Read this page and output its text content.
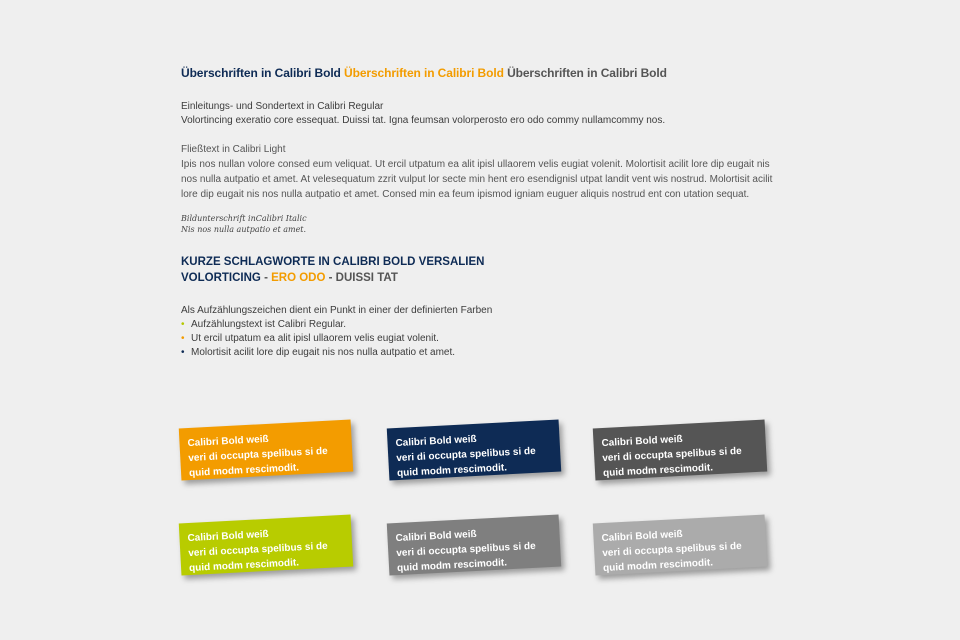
Überschriften in Calibri Bold Überschriften in Calibri Bold Überschriften in Calibri Bold

Einleitungs- und Sondertext in Calibri Regular
Volortincing exeratio core essequat. Duissi tat. Igna feumsan volorperosto ero odo commy nullamcommy nos.
Fließtext in Calibri Light
Ipis nos nullan volore consed eum veliquat. Ut ercil utpatum ea alit ipisl ullaorem velis eugiat volenit. Molortisit acilit lore dip eugait nis nos nulla autpatio et amet. At velesequatum zzrit vulput lor secte min hent ero esendignisl utpat landit vent wis nostrud. Molortisit acilit lore dip eugait nis nos nulla autpatio et amet. Consed min ea feum ipismod igniam euguer aliquis nostrud ent con utation sequat.
Bildunterschrift inCalibri Italic
Nis nos nulla autpatio et amet.
KURZE SCHLAGWORTE IN CALIBRI BOLD VERSALIEN
VOLORTICING - ERO ODO - DUISSI TAT
Als Aufzählungszeichen dient ein Punkt in einer der definierten Farben
• Aufzählungstext ist Calibri Regular.
• Ut ercil utpatum ea alit ipisl ullaorem velis eugiat volenit.
• Molortisit acilit lore dip eugait nis nos nulla autpatio et amet.
Calibri Bold weiß
veri di occupta spelibus si de
quid modm rescimodit.
Calibri Bold weiß
veri di occupta spelibus si de
quid modm rescimodit.
Calibri Bold weiß
veri di occupta spelibus si de
quid modm rescimodit.
Calibri Bold weiß
veri di occupta spelibus si de
quid modm rescimodit.
Calibri Bold weiß
veri di occupta spelibus si de
quid modm rescimodit.
Calibri Bold weiß
veri di occupta spelibus si de
quid modm rescimodit.
